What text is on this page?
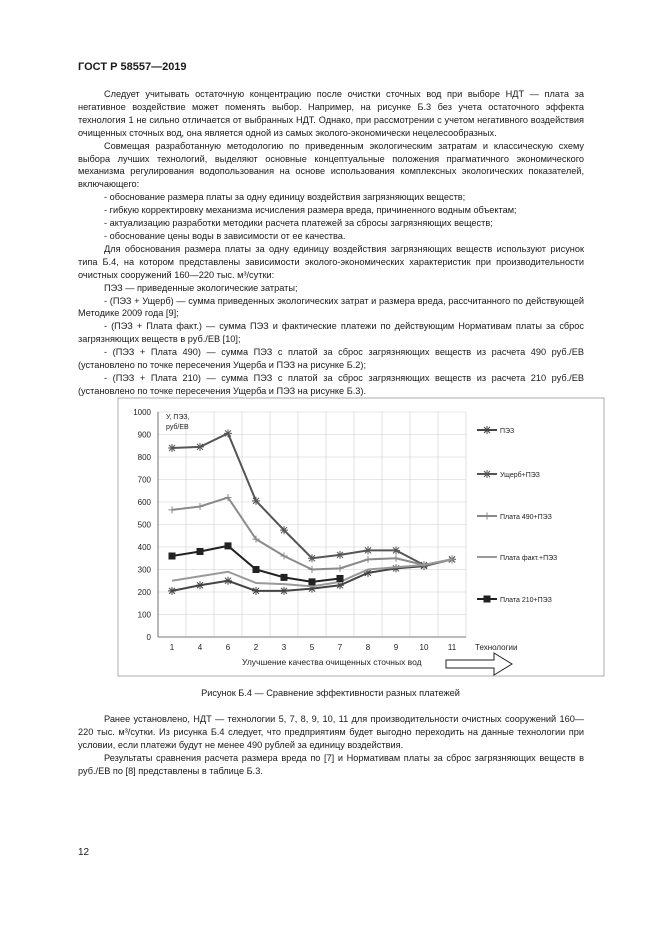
ГОСТ Р 58557—2019

Следует учитывать остаточную концентрацию после очистки сточных вод при выборе НДТ — плата за негативное воздействие может поменять выбор. Например, на рисунке Б.3 без учета остаточного эффекта технология 1 не сильно отличается от выбранных НДТ. Однако, при рассмотрении с учетом негативного воздействия очищенных сточных вод, она является одной из самых эколого-экономически нецелесообразных.

Совмещая разработанную методологию по приведенным экологическим затратам и классическую схему выбора лучших технологий, выделяют основные концептуальные положения прагматичного экономического механизма регулирования водопользования на основе использования комплексных экологических показателей, включающего:

- обоснование размера платы за одну единицу воздействия загрязняющих веществ;

- гибкую корректировку механизма исчисления размера вреда, причиненного водным объектам;

- актуализацию разработки методики расчета платежей за сбросы загрязняющих веществ;

- обоснование цены воды в зависимости от ее качества.

Для обоснования размера платы за одну единицу воздействия загрязняющих веществ используют рисунок типа Б.4, на котором представлены зависимости эколого-экономических характеристик при производительности очистных сооружений 160—220 тыс. м³/сутки:

ПЭЗ — приведенные экологические затраты;

- (ПЭЗ + Ущерб) — сумма приведенных экологических затрат и размера вреда, рассчитанного по действующей Методике 2009 года [9];

- (ПЭЗ + Плата факт.) — сумма ПЭЗ и фактические платежи по действующим Нормативам платы за сброс загрязняющих веществ в руб./ЕВ [10];

- (ПЭЗ + Плата 490) — сумма ПЭЗ с платой за сброс загрязняющих веществ из расчета 490 руб./ЕВ (установлено по точке пересечения Ущерба и ПЭЗ на рисунке Б.2);

- (ПЭЗ + Плата 210) — сумма ПЭЗ с платой за сброс загрязняющих веществ из расчета 210 руб./ЕВ (установлено по точке пересечения Ущерба и ПЭЗ на рисунке Б.3).

0
100
200
300
400
500
600
700
800
900
1000
1	4	6	2	3	5	7	8	9	10 11 Технологии
У, ПЭЗ, руб/ЕВ
Улучшение качества очищенных сточных вод
ПЭЗ
Ущерб+ПЭЗ
Плата 490+ПЭЗ
Плата факт.+ПЭЗ
Плата 210+ПЭЗ
Рисунок Б.4 — Сравнение эффективности разных платежей

Ранее установлено, НДТ — технологии 5, 7, 8, 9, 10, 11 для производительности очистных сооружений 160—220 тыс. м³/сутки. Из рисунка Б.4 следует, что предприятиям будет выгодно переходить на данные технологии при условии, если платежи будут не менее 490 рублей за единицу воздействия.

Результаты сравнения расчета размера вреда по [7] и Нормативам платы за сброс загрязняющих веществ в руб./ЕВ по [8] представлены в таблице Б.3.

12
